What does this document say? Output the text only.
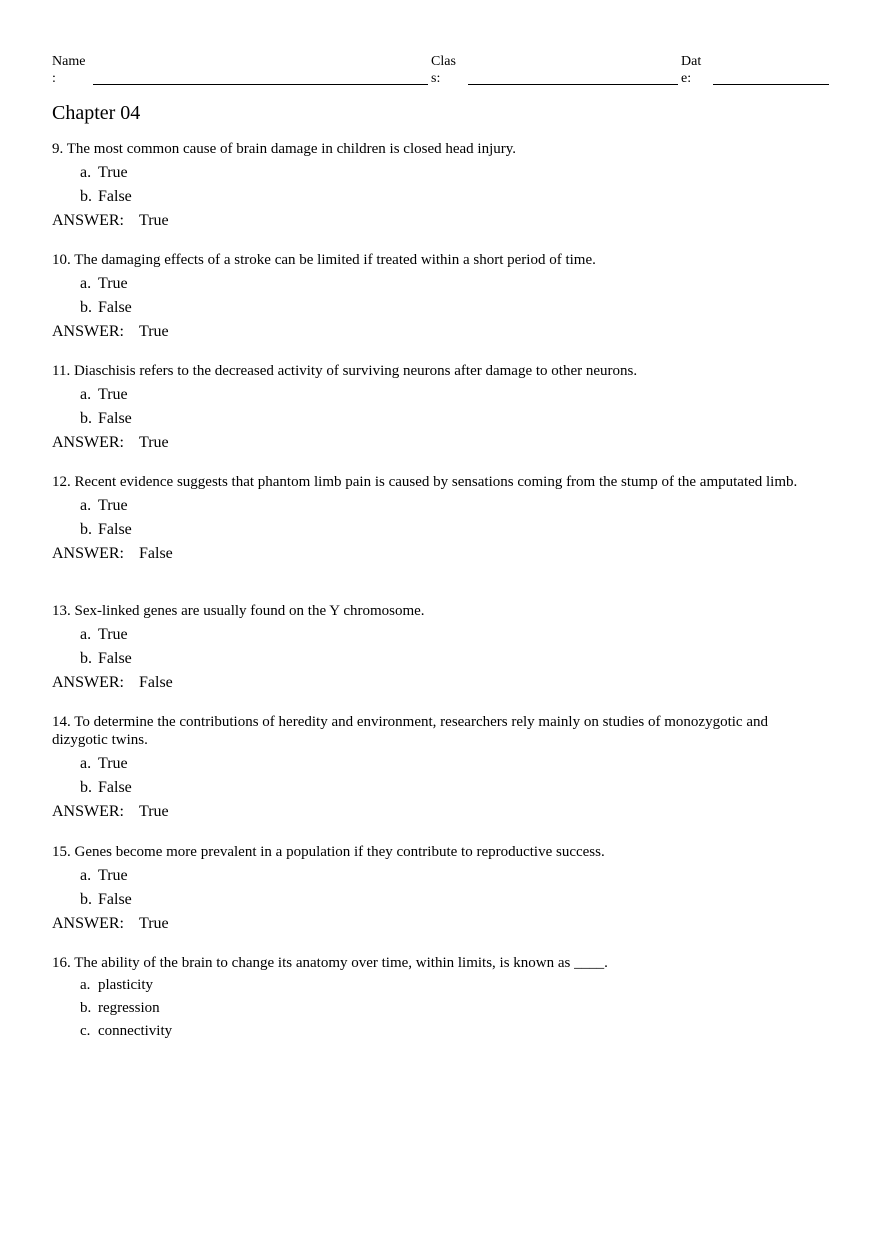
Name
:
Clas
s:
Dat
e:
Chapter 04
9. The most common cause of brain damage in children is closed head injury.
a. True
b. False
ANSWER: True
10. The damaging effects of a stroke can be limited if treated within a short period of time.
a. True
b. False
ANSWER: True
11. Diaschisis refers to the decreased activity of surviving neurons after damage to other neurons.
a. True
b. False
ANSWER: True
12. Recent evidence suggests that phantom limb pain is caused by sensations coming from the stump of the amputated limb.
a. True
b. False
ANSWER: False
13. Sex-linked genes are usually found on the Y chromosome.
a. True
b. False
ANSWER: False
14. To determine the contributions of heredity and environment, researchers rely mainly on studies of monozygotic and dizygotic twins.
a. True
b. False
ANSWER: True
15. Genes become more prevalent in a population if they contribute to reproductive success.
a. True
b. False
ANSWER: True
16. The ability of the brain to change its anatomy over time, within limits, is known as ____.
a. plasticity
b. regression
c. connectivity
